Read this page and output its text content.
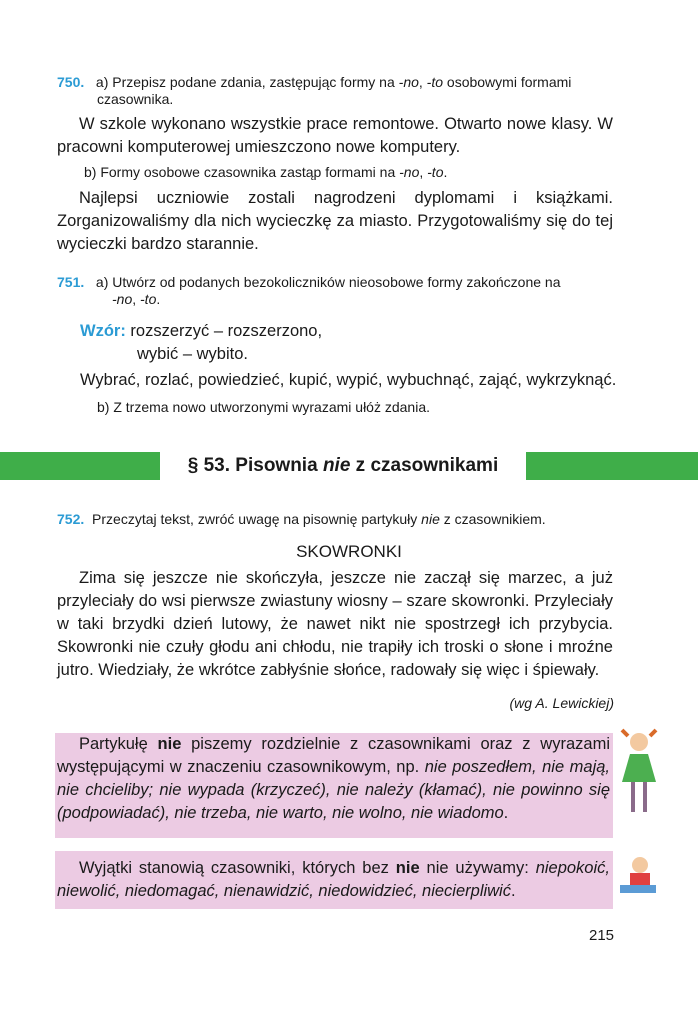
750. a) Przepisz podane zdania, zastępując formy na -no, -to osobowymi formami
czasownika.
W szkole wykonano wszystkie prace remontowe. Otwarto nowe klasy. W pracowni komputerowej umieszczono nowe komputery.
b) Formy osobowe czasownika zastąp formami na -no, -to.
Najlepsi uczniowie zostali nagrodzeni dyplomami i książkami. Zorganizowaliśmy dla nich wycieczkę za miasto. Przygotowaliśmy się do tej wycieczki bardzo starannie.
751. a) Utwórz od podanych bezokoliczników nieosobowe formy zakończone na
-no, -to.
Wzór: rozszerzyć – rozszerzono,
wybić – wybito.
Wybrać, rozlać, powiedzieć, kupić, wypić, wybuchnąć, zająć, wykrzyknąć.
b) Z trzema nowo utworzonymi wyrazami ułóż zdania.
§ 53. Pisownia nie z czasownikami
752. Przeczytaj tekst, zwróć uwagę na pisownię partykuły nie z czasownikiem.
SKOWRONKI
Zima się jeszcze nie skończyła, jeszcze nie zaczął się marzec, a już przyleciały do wsi pierwsze zwiastuny wiosny – szare skowronki. Przyleciały w taki brzydki dzień lutowy, że nawet nikt nie spostrzegł ich przybycia. Skowronki nie czuły głodu ani chłodu, nie trapiły ich troski o słone i mroźne jutro. Wiedziały, że wkrótce zabłyśnie słońce, radowały się więc i śpiewały.
(wg A. Lewickiej)
Partykułę nie piszemy rozdzielnie z czasownikami oraz z wyrazami występującymi w znaczeniu czasownikowym, np. nie poszedłem, nie mają, nie chcieliby; nie wypada (krzyczeć), nie należy (kłamać), nie powinno się (podpowiadać), nie trzeba, nie warto, nie wolno, nie wiadomo.
Wyjątki stanowią czasowniki, których bez nie nie używamy: niepokoić, niewolić, niedomagać, nienawidzić, niedowidzieć, niecierpliwić.
215
